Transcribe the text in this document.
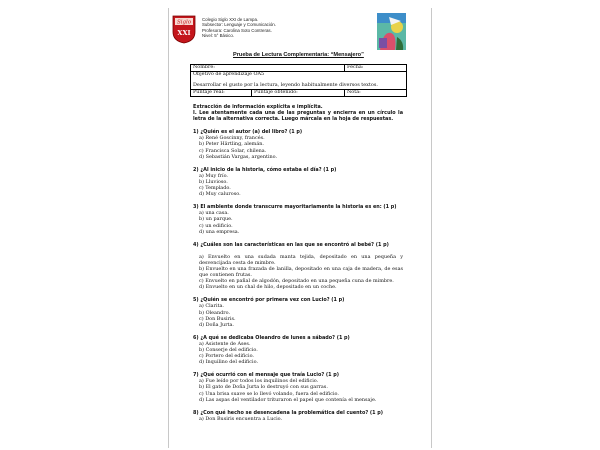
Siglo
XXI
Colegio Siglo XXI de Lampa.
Subsector: Lenguaje y Comunicación.
Profesora: Carolina Soto Contreras.
Nivel: 5° Básico.
Prueba de Lectura Complementaria: “Mensajero”
Nombre:		Fecha:

Objetivo de aprendizaje OA5
Desarrollar el gusto por la lectura, leyendo habitualmente diversos textos.		

Puntaje real:	Puntaje obtenido:	Nota:
Extracción de información explícita e implícita.
I. Lee atentamente cada una de las preguntas y encierra en un círculo la letra de la alternativa correcta. Luego márcala en la hoja de respuestas.
1) ¿Quién es el autor (a) del libro? (1 p)
a) René Goscinny, francés.
b) Peter Härtling, alemán.
c) Francisca Solar, chilena.
d) Sebastián Vargas, argentino.
2) ¿Al inicio de la historia, cómo estaba el día? (1 p)
a) Muy frío.
b) Lluvioso.
c) Templado.
d) Muy caluroso.
3) El ambiente donde transcurre mayoritariamente la historia es en: (1 p)
a) una casa.
b) un parque.
c) un edificio.
d) una empresa.
4) ¿Cuáles son las características en las que se encontró al bebé? (1 p)
a) Envuelto en una sudada manta tejida, depositado en una pequeña y desvencijada cesta de mimbre.
b) Envuelto en una frazada de lanilla, depositado en una caja de madera, de esas que contienen frutas.
c) Envuelto en pañal de algodón, depositado en una pequeña cuna de mimbre.
d) Envuelto en un chal de hilo, depositado en un coche.
5) ¿Quién se encontró por primera vez con Lucio? (1 p)
a) Clarita.
b) Oleandro.
c) Don Busiris.
d) Doña Jurta.
6) ¿A qué se dedicaba Oleandro de lunes a sábado? (1 p)
a) Asistente de Ases.
b) Conserje del edificio.
c) Portero del edificio.
d) Inquilino del edificio.
7) ¿Qué ocurrió con el mensaje que traía Lucio? (1 p)
a) Fue leído por todos los inquilinos del edificio.
b) El gato de Doña Jurta lo destruyó con sus garras.
c) Una brisa suave se lo llevó volando, fuera del edificio.
d) Las aspas del ventilador trituraron el papel que contenía el mensaje.
8) ¿Con qué hecho se desencadena la problemática del cuento? (1 p)
a) Don Busiris encuentra a Lucio.
